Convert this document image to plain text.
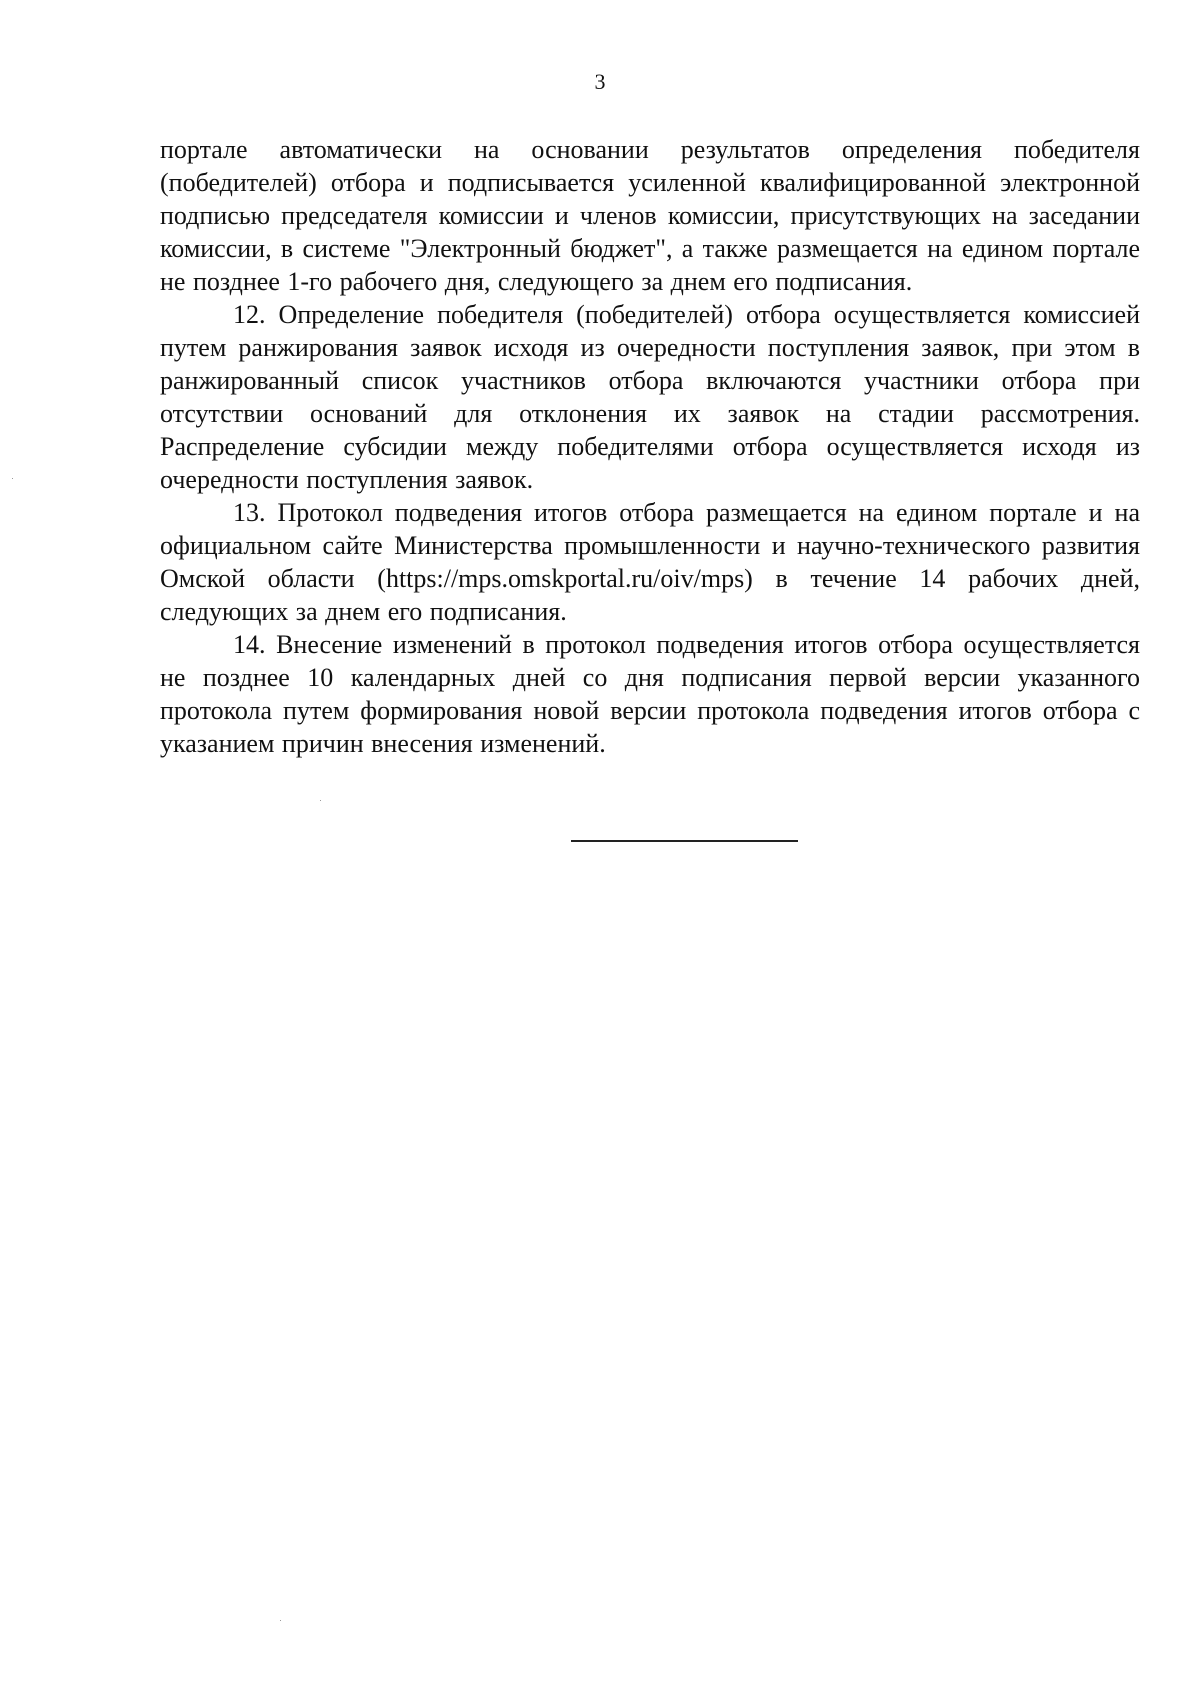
3

портале автоматически на основании результатов определения победителя (победителей) отбора и подписывается усиленной квалифицированной электронной подписью председателя комиссии и членов комиссии, присутствующих на заседании комиссии, в системе "Электронный бюджет", а также размещается на едином портале не позднее 1-го рабочего дня, следующего за днем его подписания.

12. Определение победителя (победителей) отбора осуществляется комиссией путем ранжирования заявок исходя из очередности поступления заявок, при этом в ранжированный список участников отбора включаются участники отбора при отсутствии оснований для отклонения их заявок на стадии рассмотрения. Распределение субсидии между победителями отбора осуществляется исходя из очередности поступления заявок.

13. Протокол подведения итогов отбора размещается на едином портале и на официальном сайте Министерства промышленности и научно-технического развития Омской области (https://mps.omskportal.ru/oiv/mps) в течение 14 рабочих дней, следующих за днем его подписания.

14. Внесение изменений в протокол подведения итогов отбора осуществляется не позднее 10 календарных дней со дня подписания первой версии указанного протокола путем формирования новой версии протокола подведения итогов отбора с указанием причин внесения изменений.
